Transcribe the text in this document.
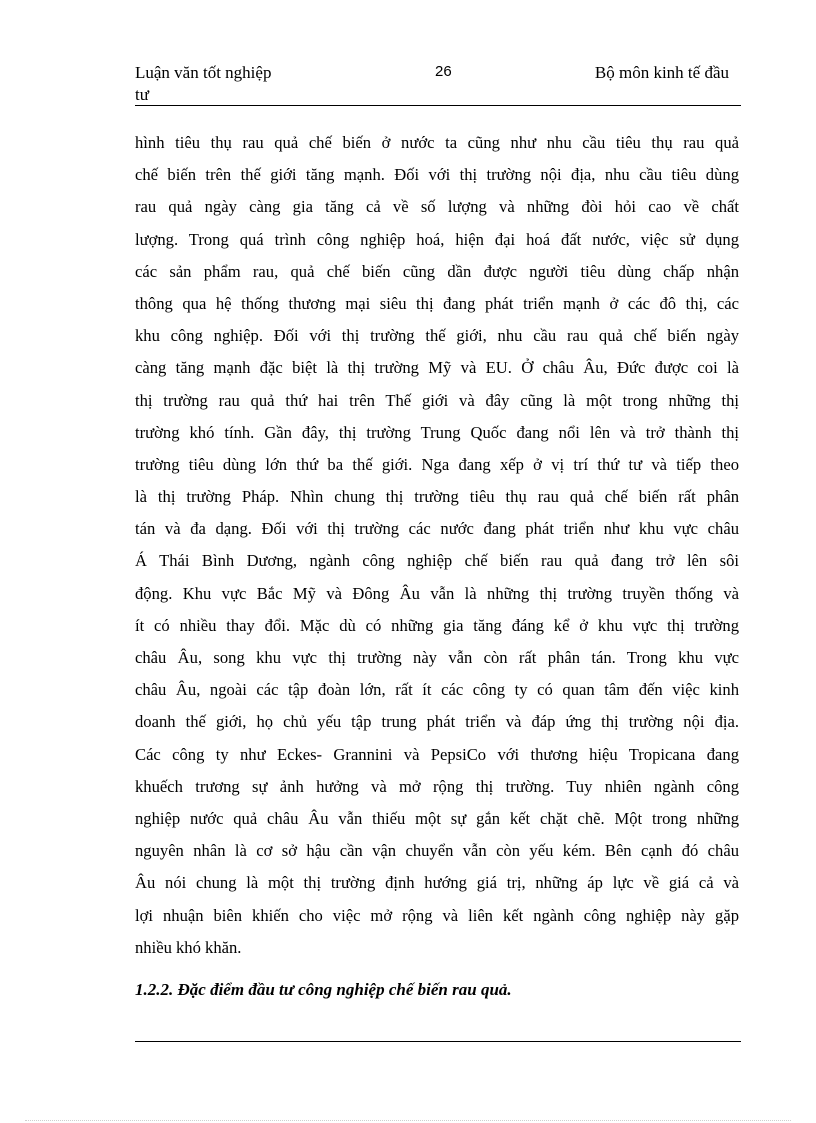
Luận văn tốt nghiệp
tư
26	Bộ môn kinh tế đầu
hình tiêu thụ rau quả chế biến ở nước ta cũng như nhu cầu tiêu thụ rau quả
chế biến trên thế giới tăng mạnh. Đối với thị trường nội địa, nhu cầu tiêu dùng
rau quả ngày càng gia tăng cả về số lượng và những đòi hỏi cao về chất
lượng. Trong quá trình công nghiệp hoá, hiện đại hoá đất nước, việc sử dụng
các sản phẩm rau, quả chế biến cũng dần được người tiêu dùng chấp nhận
thông qua hệ thống thương mại siêu thị đang phát triển mạnh ở các đô thị, các
khu công nghiệp. Đối với thị trường thế giới, nhu cầu rau quả chế biến ngày
càng tăng mạnh đặc biệt là thị trường Mỹ và EU. Ở châu Âu, Đức được coi là
thị trường rau quả thứ hai trên Thế giới và đây cũng là một trong những thị
trường khó tính. Gần đây, thị trường Trung Quốc đang nổi lên và trở thành thị
trường tiêu dùng lớn thứ ba thế giới. Nga đang xếp ở vị trí thứ tư và tiếp theo
là thị trường Pháp. Nhìn chung thị trường tiêu thụ rau quả chế biến rất phân
tán và đa dạng. Đối với thị trường các nước đang phát triển như khu vực châu
Á Thái Bình Dương, ngành công nghiệp chế biến rau quả đang trở lên sôi
động. Khu vực Bắc Mỹ và Đông Âu vẫn là những thị trường truyền thống và
ít có nhiều thay đổi. Mặc dù có những gia tăng đáng kể ở khu vực thị trường
châu Âu, song khu vực thị trường này vẫn còn rất phân tán. Trong khu vực
châu Âu, ngoài các tập đoàn lớn, rất ít các công ty có quan tâm đến việc kinh
doanh thế giới, họ chủ yếu tập trung phát triển và đáp ứng thị trường nội địa.
Các công ty như Eckes- Grannini và PepsiCo với thương hiệu Tropicana đang
khuếch trương sự ảnh hưởng và mở rộng thị trường. Tuy nhiên ngành công
nghiệp nước quả châu Âu vẫn thiếu một sự gắn kết chặt chẽ. Một trong những
nguyên nhân là cơ sở hậu cần vận chuyển vẫn còn yếu kém. Bên cạnh đó châu
Âu nói chung là một thị trường định hướng giá trị, những áp lực về giá cả và
lợi nhuận biên khiến cho việc mở rộng và liên kết ngành công nghiệp này gặp
nhiều khó khăn.
1.2.2. Đặc điểm đầu tư công nghiệp chế biến rau quả.
